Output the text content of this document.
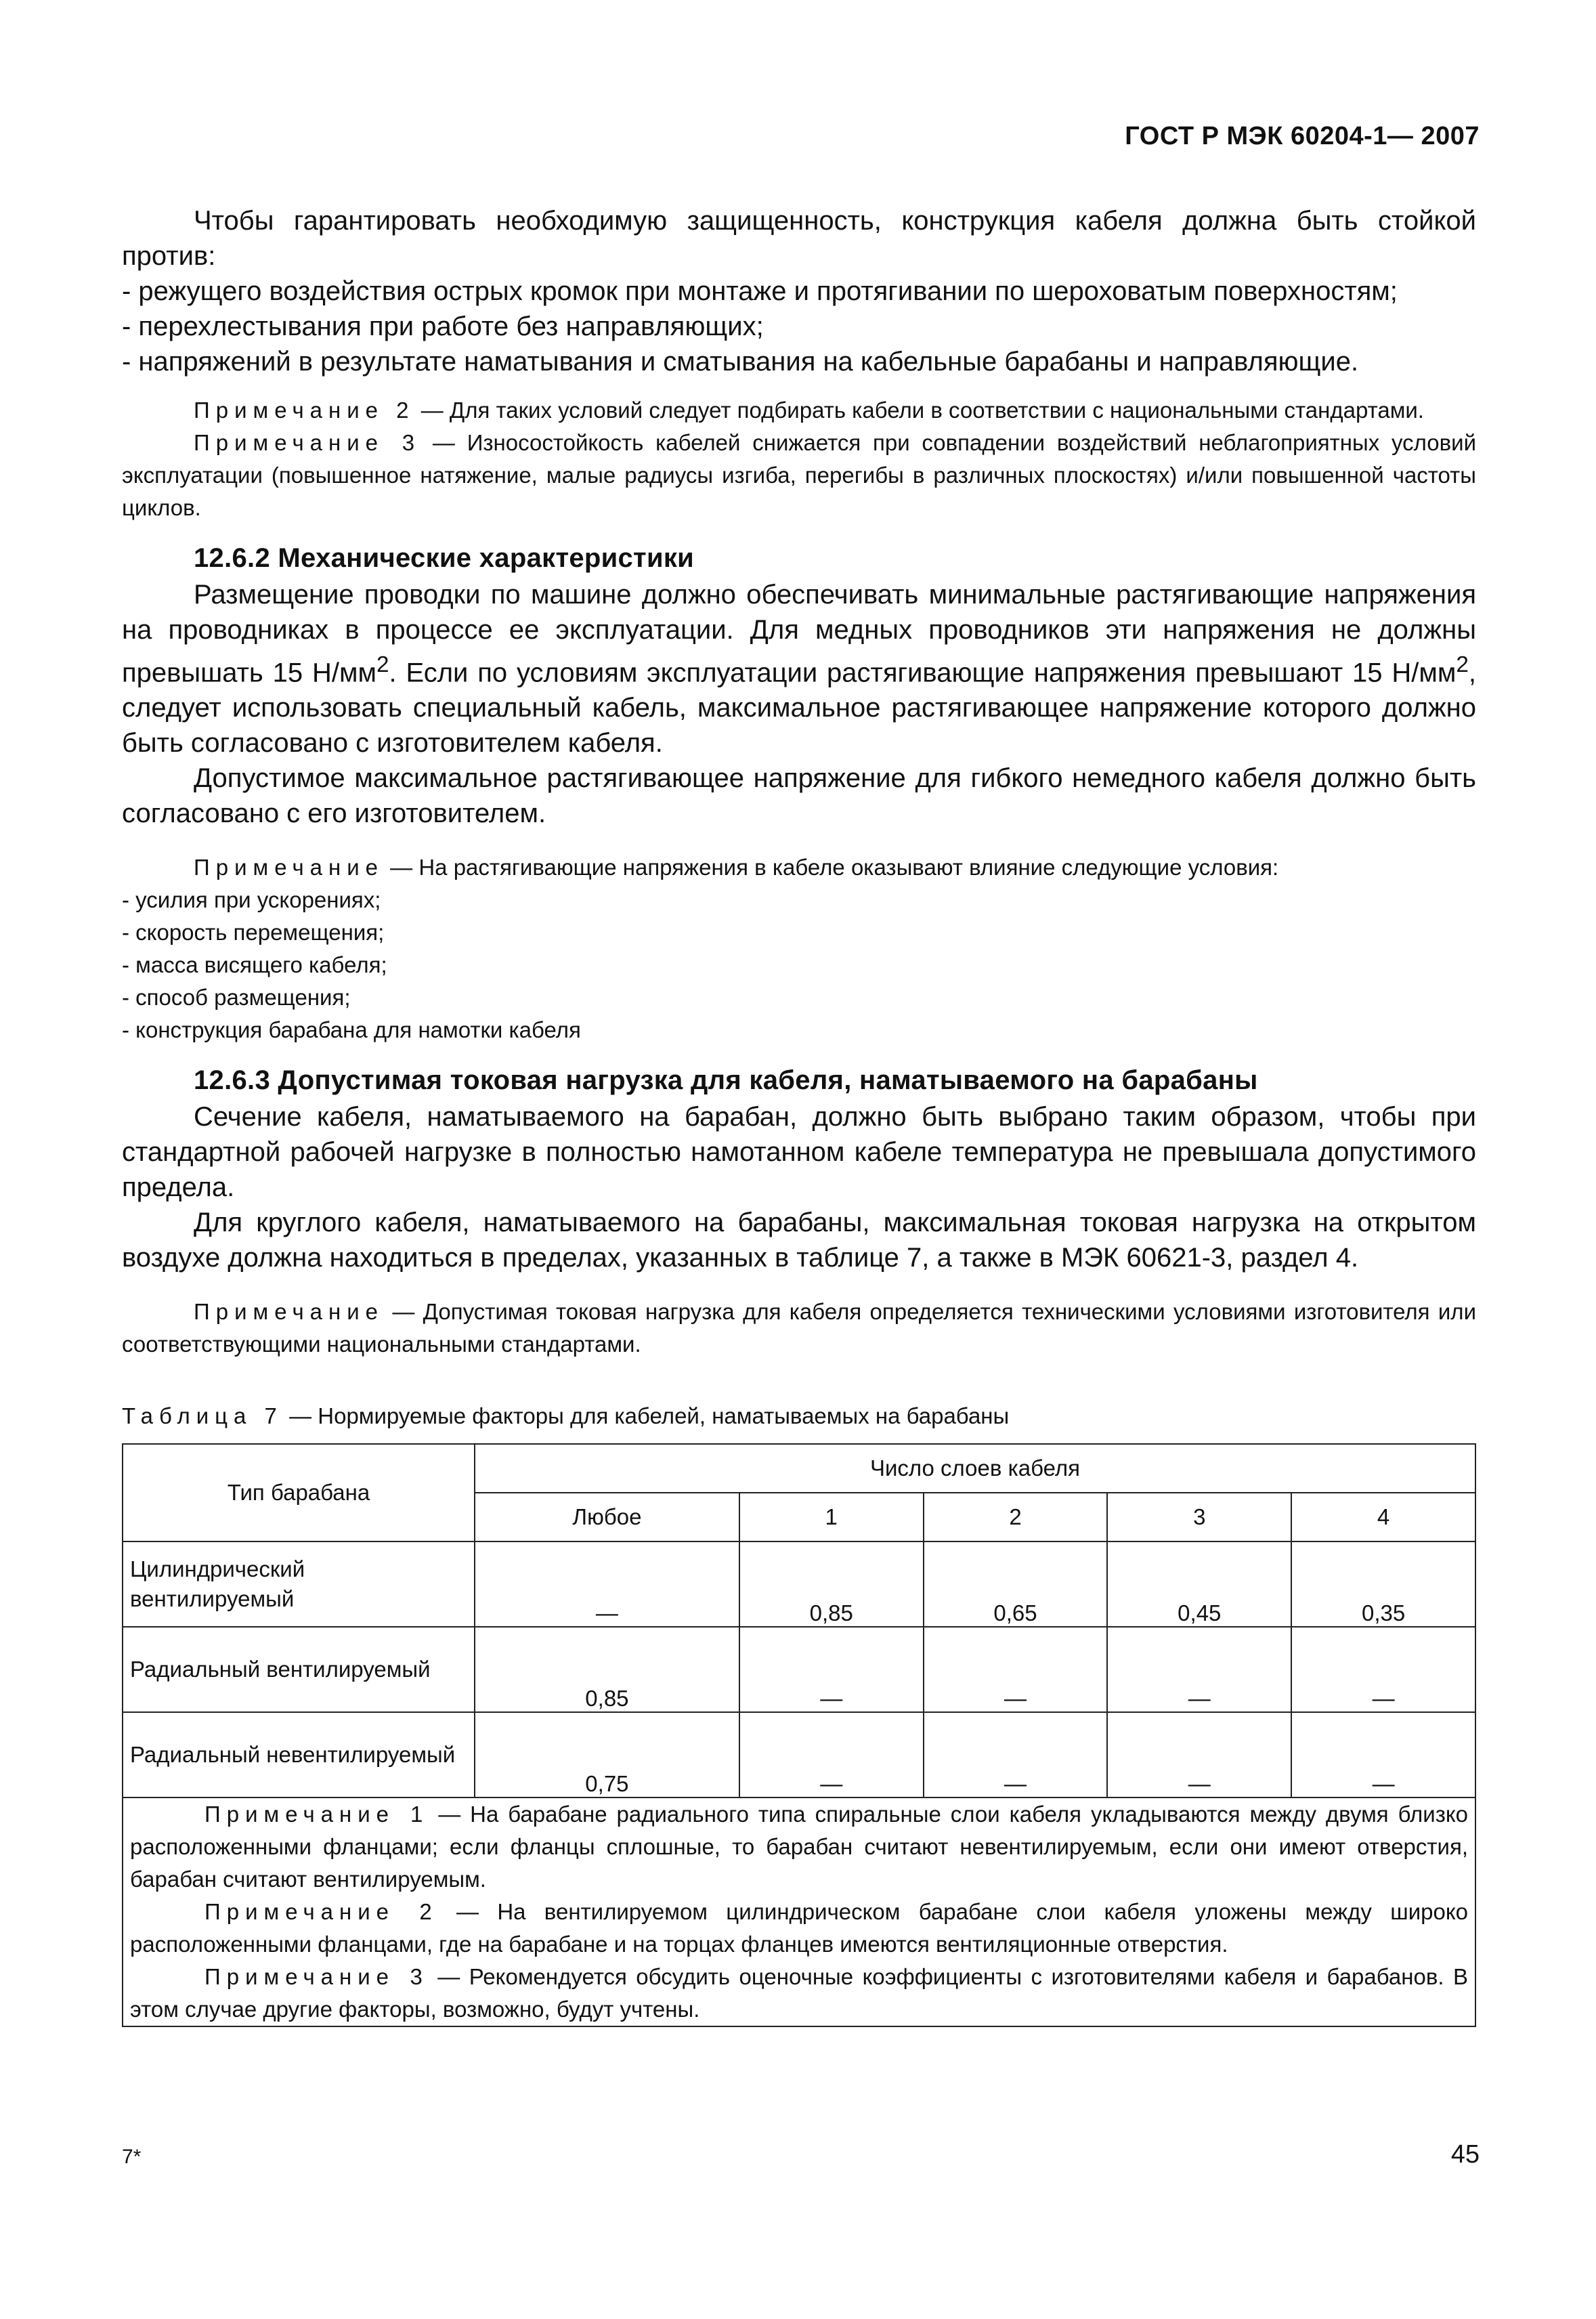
ГОСТ Р МЭК 60204-1— 2007

Чтобы гарантировать необходимую защищенность, конструкция кабеля должна быть стойкой против:

- режущего воздействия острых кромок при монтаже и протягивании по шероховатым поверхностям;

- перехлестывания при работе без направляющих;

- напряжений в результате наматывания и сматывания на кабельные барабаны и направляющие.

Примечание 2 — Для таких условий следует подбирать кабели в соответствии с национальными стандартами.

Примечание 3 — Износостойкость кабелей снижается при совпадении воздействий неблагоприятных условий эксплуатации (повышенное натяжение, малые радиусы изгиба, перегибы в различных плоскостях) и/или повышенной частоты циклов.

12.6.2 Механические характеристики

Размещение проводки по машине должно обеспечивать минимальные растягивающие напряжения на проводниках в процессе ее эксплуатации. Для медных проводников эти напряжения не должны превышать 15 $Н/мм^2$. Если по условиям эксплуатации растягивающие напряжения превышают 15 $Н/мм^2$, следует использовать специальный кабель, максимальное растягивающее напряжение которого должно быть согласовано с изготовителем кабеля.

Допустимое максимальное растягивающее напряжение для гибкого немедного кабеля должно быть согласовано с его изготовителем.

Примечание — На растягивающие напряжения в кабеле оказывают влияние следующие условия:

- усилия при ускорениях;

- скорость перемещения;

- масса висящего кабеля;

- способ размещения;

- конструкция барабана для намотки кабеля

12.6.3 Допустимая токовая нагрузка для кабеля, наматываемого на барабаны

Сечение кабеля, наматываемого на барабан, должно быть выбрано таким образом, чтобы при стандартной рабочей нагрузке в полностью намотанном кабеле температура не превышала допустимого предела.

Для круглого кабеля, наматываемого на барабаны, максимальная токовая нагрузка на открытом воздухе должна находиться в пределах, указанных в таблице 7, а также в МЭК 60621-3, раздел 4.

Примечание — Допустимая токовая нагрузка для кабеля определяется техническими условиями изготовителя или соответствующими национальными стандартами.

Таблица 7 — Нормируемые факторы для кабелей, наматываемых на барабаны

Тип барабана	Число слоев кабеля				
	Любое	1	2	3	4
Цилиндрический вентилируемый	—	0,85	0,65	0,45	0,35
Радиальный вентилируемый	0,85	—	—	—	—
Радиальный невентилируемый	0,75	—	—	—	—

Примечание 1 — На барабане радиального типа спиральные слои кабеля укладываются между двумя близко расположенными фланцами; если фланцы сплошные, то барабан считают невентилируемым, если они имеют отверстия, барабан считают вентилируемым.

Примечание 2 — На вентилируемом цилиндрическом барабане слои кабеля уложены между широко расположенными фланцами, где на барабане и на торцах фланцев имеются вентиляционные отверстия.

Примечание 3 — Рекомендуется обсудить оценочные коэффициенты с изготовителями кабеля и барабанов. В этом случае другие факторы, возможно, будут учтены.					

7*	45
